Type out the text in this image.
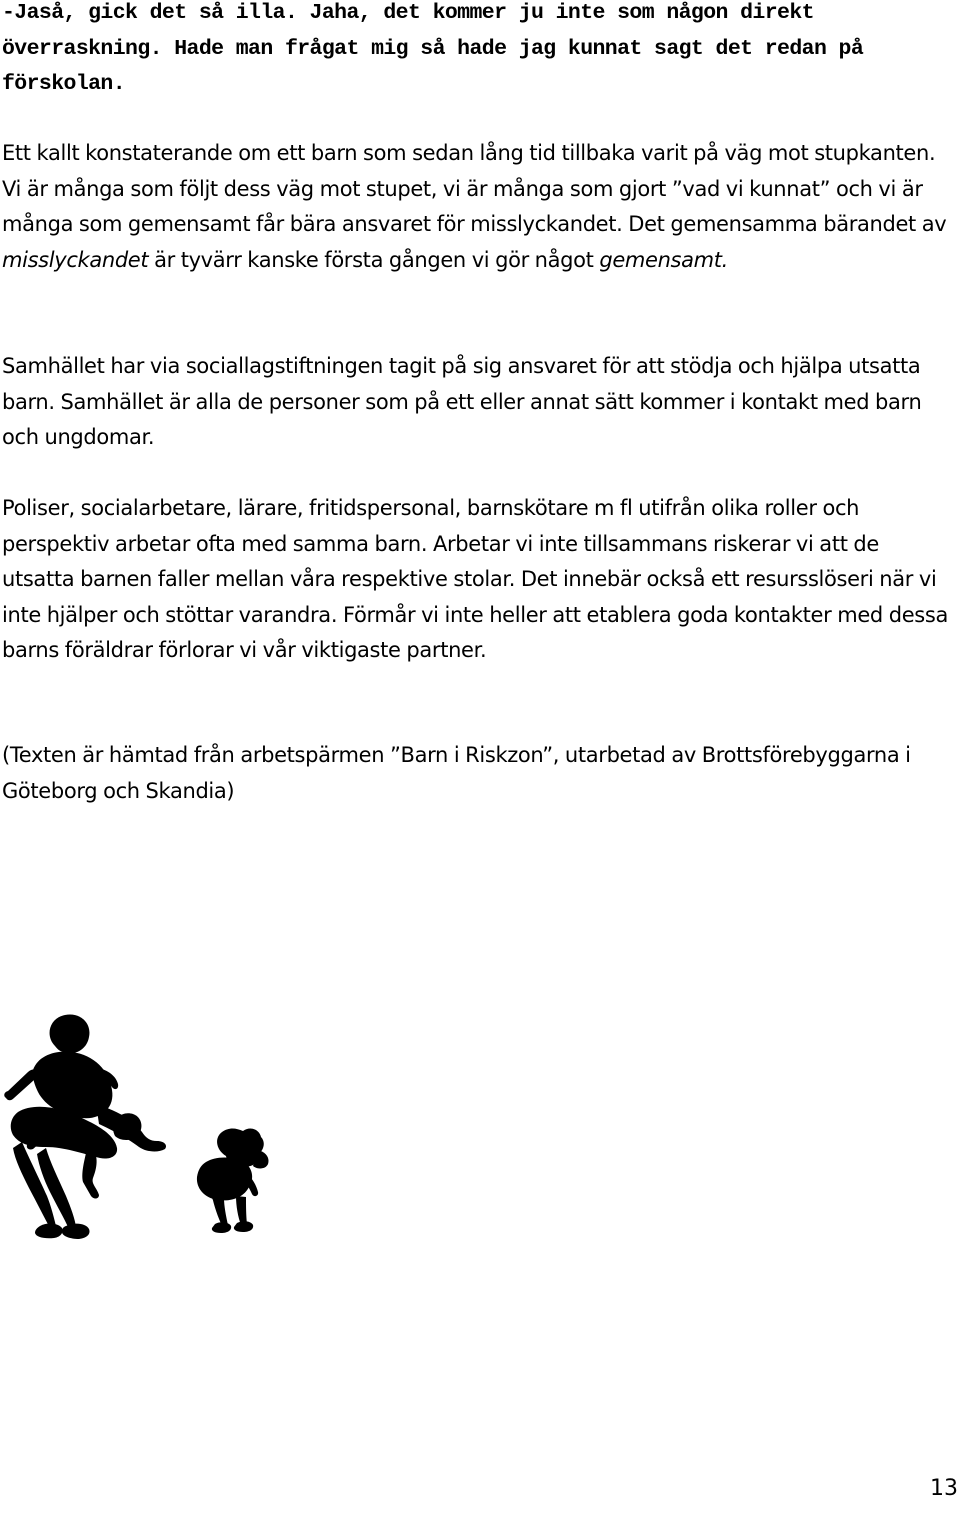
-Jaså, gick det så illa. Jaha, det kommer ju inte som någon direkt överraskning. Hade man frågat mig så hade jag kunnat sagt det redan på förskolan.

Ett kallt konstaterande om ett barn som sedan lång tid tillbaka varit på väg mot stupkanten. Vi är många som följt dess väg mot stupet, vi är många som gjort ”vad vi kunnat” och vi är många som gemensamt får bära ansvaret för misslyckandet. Det gemensamma bärandet av misslyckandet är tyvärr kanske första gången vi gör något gemensamt.

Samhället har via sociallagstiftningen tagit på sig ansvaret för att stödja och hjälpa utsatta barn. Samhället är alla de personer som på ett eller annat sätt kommer i kontakt med barn och ungdomar.

Poliser, socialarbetare, lärare, fritidspersonal, barnskötare m fl utifrån olika roller och perspektiv arbetar ofta med samma barn. Arbetar vi inte tillsammans riskerar vi att de utsatta barnen faller mellan våra respektive stolar. Det innebär också ett resursslöseri när vi inte hjälper och stöttar varandra. Förmår vi inte heller att etablera goda kontakter med dessa barns föräldrar förlorar vi vår viktigaste partner.

(Texten är hämtad från arbetspärmen ”Barn i Riskzon”, utarbetad av Brottsförebyggarna i Göteborg och Skandia)

13
